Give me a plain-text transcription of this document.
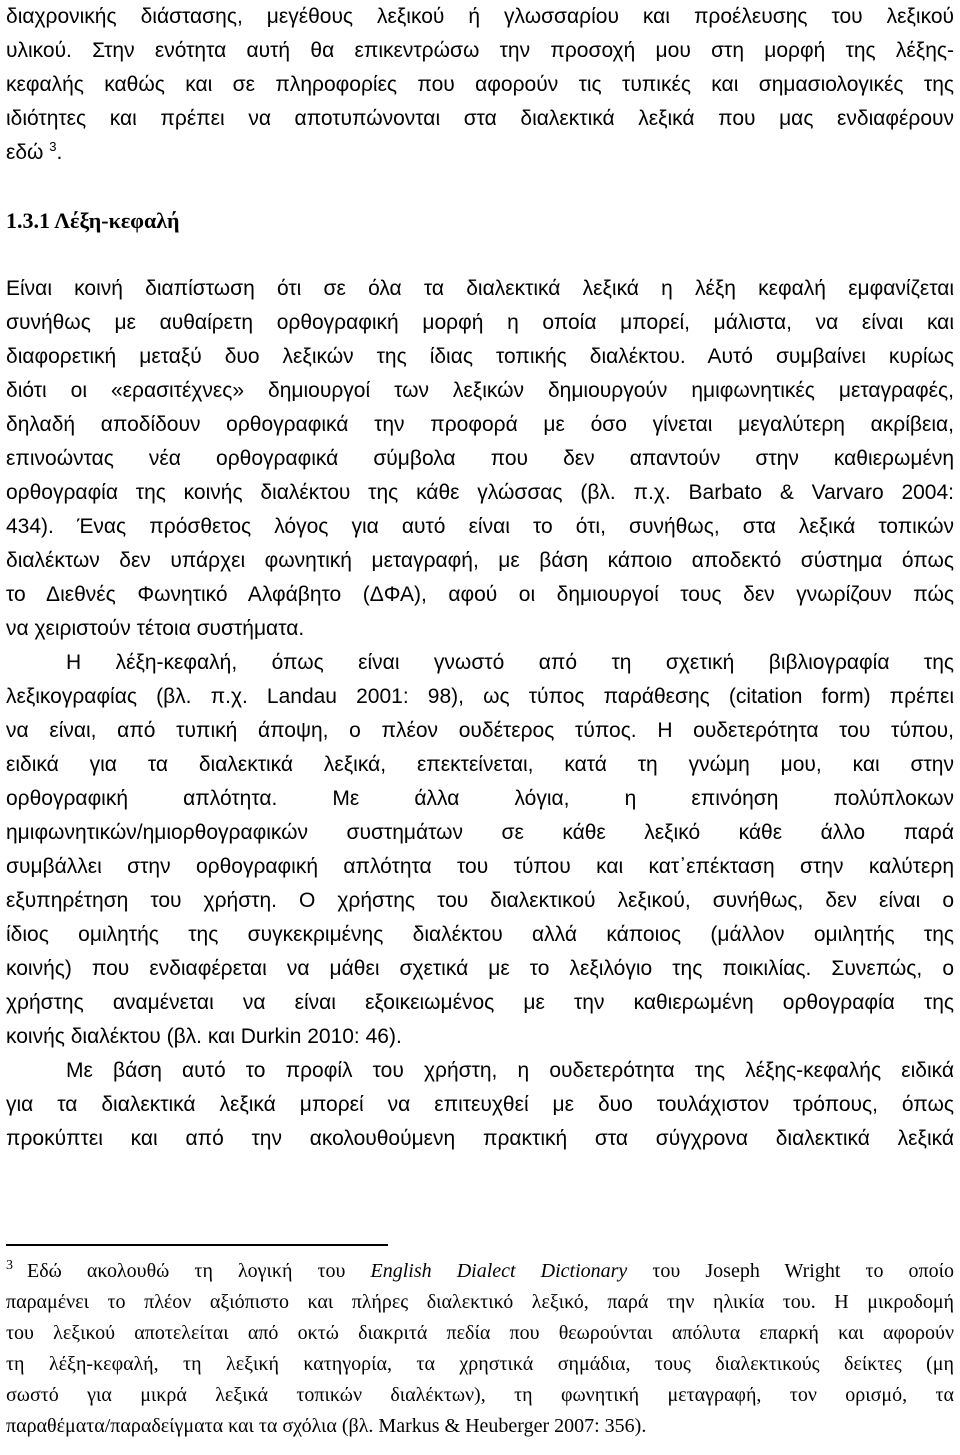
διαχρονικής διάστασης, μεγέθους λεξικού ή γλωσσαρίου και προέλευσης του λεξικού
υλικού. Στην ενότητα αυτή θα επικεντρώσω την προσοχή μου στη μορφή της λέξης-
κεφαλής καθώς και σε πληροφορίες που αφορούν τις τυπικές και σημασιολογικές της
ιδιότητες και πρέπει να αποτυπώνονται στα διαλεκτικά λεξικά που μας ενδιαφέρουν
εδώ $^3$.
1.3.1 Λέξη-κεφαλή
Είναι κοινή διαπίστωση ότι σε όλα τα διαλεκτικά λεξικά η λέξη κεφαλή εμφανίζεται
συνήθως με αυθαίρετη ορθογραφική μορφή η οποία μπορεί, μάλιστα, να είναι και
διαφορετική μεταξύ δυο λεξικών της ίδιας τοπικής διαλέκτου. Αυτό συμβαίνει κυρίως
διότι οι «ερασιτέχνες» δημιουργοί των λεξικών δημιουργούν ημιφωνητικές μεταγραφές,
δηλαδή αποδίδουν ορθογραφικά την προφορά με όσο γίνεται μεγαλύτερη ακρίβεια,
επινοώντας νέα ορθογραφικά σύμβολα που δεν απαντούν στην καθιερωμένη
ορθογραφία της κοινής διαλέκτου της κάθε γλώσσας (βλ. π.χ. Barbato & Varvaro 2004:
434). Ένας πρόσθετος λόγος για αυτό είναι το ότι, συνήθως, στα λεξικά τοπικών
διαλέκτων δεν υπάρχει φωνητική μεταγραφή, με βάση κάποιο αποδεκτό σύστημα όπως
το Διεθνές Φωνητικό Αλφάβητο (ΔΦΑ), αφού οι δημιουργοί τους δεν γνωρίζουν πώς
να χειριστούν τέτοια συστήματα.
Η λέξη-κεφαλή, όπως είναι γνωστό από τη σχετική βιβλιογραφία της
λεξικογραφίας (βλ. π.χ. Landau 2001: 98), ως τύπος παράθεσης (citation form) πρέπει
να είναι, από τυπική άποψη, ο πλέον ουδέτερος τύπος. Η ουδετερότητα του τύπου,
ειδικά για τα διαλεκτικά λεξικά, επεκτείνεται, κατά τη γνώμη μου, και στην
ορθογραφική απλότητα. Με άλλα λόγια, η επινόηση πολύπλοκων
ημιφωνητικών/ημιορθογραφικών συστημάτων σε κάθε λεξικό κάθε άλλο παρά
συμβάλλει στην ορθογραφική απλότητα του τύπου και κατ᾽επέκταση στην καλύτερη
εξυπηρέτηση του χρήστη. Ο χρήστης του διαλεκτικού λεξικού, συνήθως, δεν είναι ο
ίδιος ομιλητής της συγκεκριμένης διαλέκτου αλλά κάποιος (μάλλον ομιλητής της
κοινής) που ενδιαφέρεται να μάθει σχετικά με το λεξιλόγιο της ποικιλίας. Συνεπώς, ο
χρήστης αναμένεται να είναι εξοικειωμένος με την καθιερωμένη ορθογραφία της
κοινής διαλέκτου (βλ. και Durkin 2010: 46).
Με βάση αυτό το προφίλ του χρήστη, η ουδετερότητα της λέξης-κεφαλής ειδικά
για τα διαλεκτικά λεξικά μπορεί να επιτευχθεί με δυο τουλάχιστον τρόπους, όπως
προκύπτει και από την ακολουθούμενη πρακτική στα σύγχρονα διαλεκτικά λεξικά
$^3$ Εδώ ακολουθώ τη λογική του English Dialect Dictionary του Joseph Wright το οποίο
παραμένει το πλέον αξιόπιστο και πλήρες διαλεκτικό λεξικό, παρά την ηλικία του. Η μικροδομή
του λεξικού αποτελείται από οκτώ διακριτά πεδία που θεωρούνται απόλυτα επαρκή και αφορούν
τη λέξη-κεφαλή, τη λεξική κατηγορία, τα χρηστικά σημάδια, τους διαλεκτικούς δείκτες (μη
σωστό για μικρά λεξικά τοπικών διαλέκτων), τη φωνητική μεταγραφή, τον ορισμό, τα
παραθέματα/παραδείγματα και τα σχόλια (βλ. Markus & Heuberger 2007: 356).
